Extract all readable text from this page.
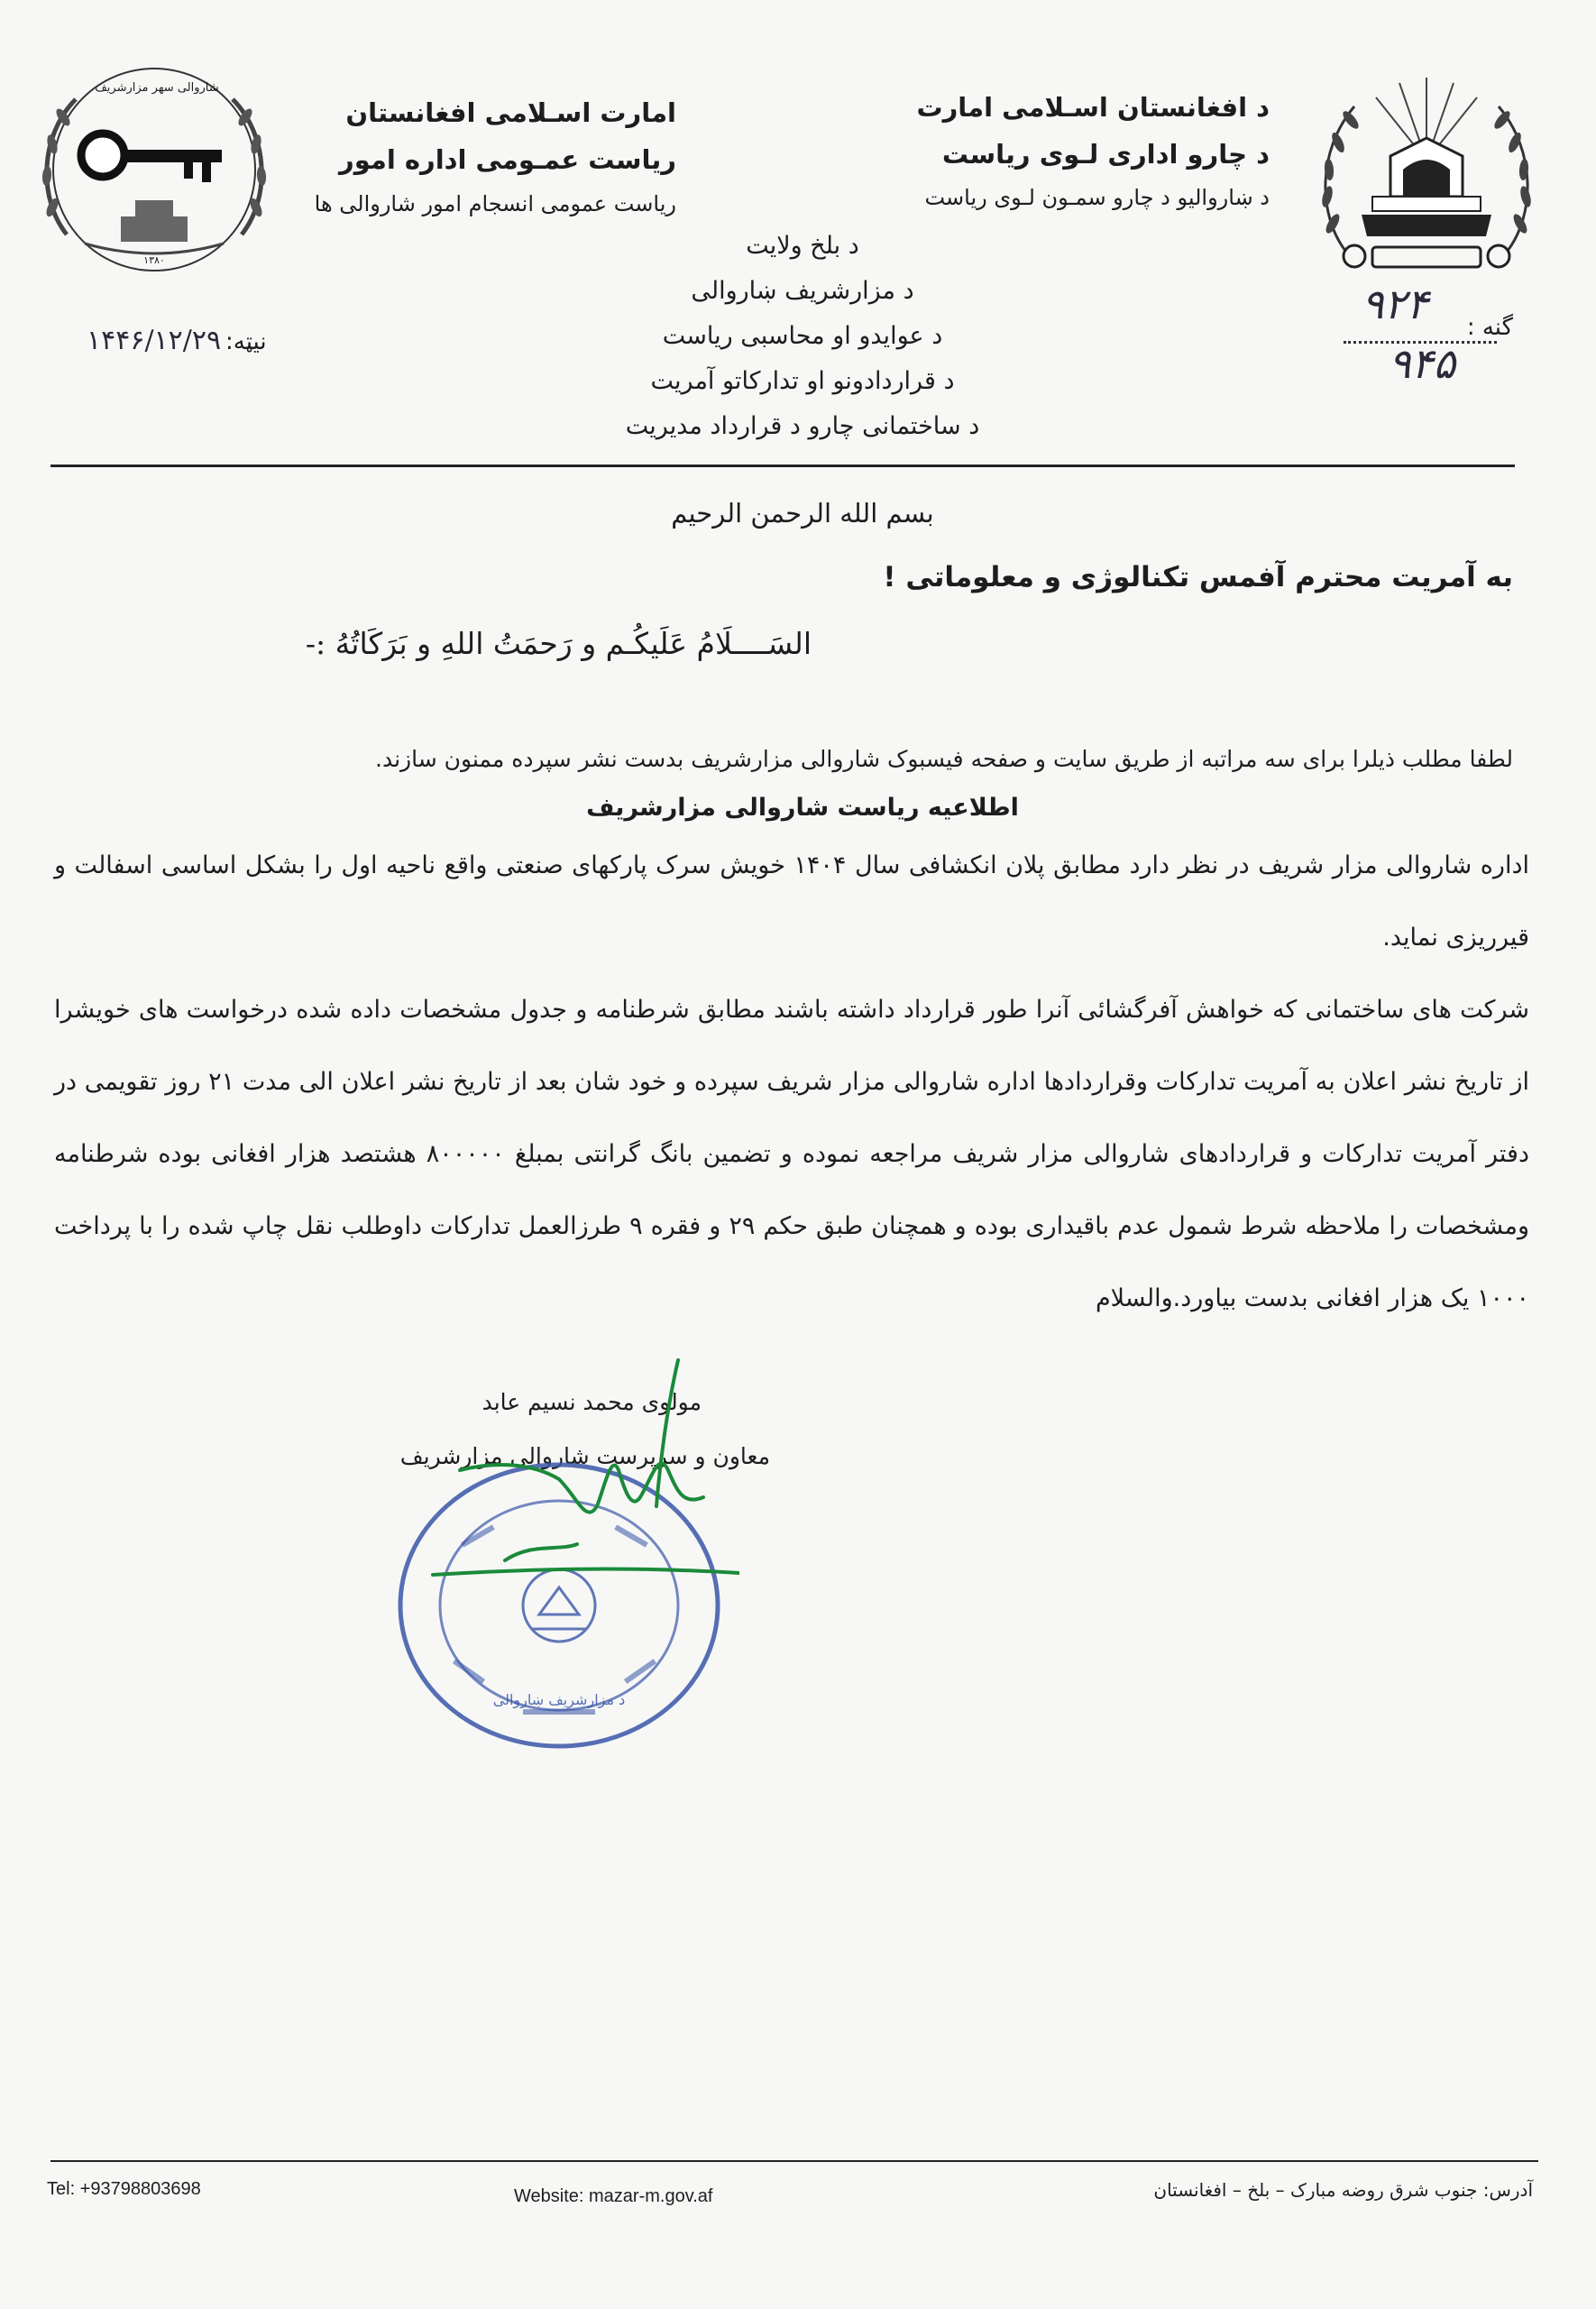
شاروالی سهر مزارشریف
۱۳۸۰
د افغانستان اسـلامی امارت
د چارو اداری لـوی ریاست
د ښاروالیو د چارو سمـون لـوی ریاست
امارت اسـلامی افغانستان
ریاست عمـومی اداره امور
ریاست عمومی انسجام امور شاروالی ها
د بلخ ولایت
د مزارشریف ښاروالی
د عوایدو او محاسبی ریاست
د قراردادونو او تدارکاتو آمریت
د ساختمانی چارو د قرارداد مدیریت
گنه :
۹۲۴
۹۴۵
نیټه:
۱۴۴۶/۱۲/۲۹
بسم الله الرحمن الرحیم
به آمریت محترم آفمس تکنالوژی و معلوماتی !
السَــــلَامُ عَلَیکُـم و رَحمَتُ اللهِ و بَرَکَاتُهُ :-
لطفا مطلب ذیلرا برای سه مراتبه از طریق سایت و صفحه فیسبوک شاروالی مزارشریف بدست نشر سپرده ممنون سازند.
اطلاعیه ریاست شاروالی مزارشریف

اداره شاروالی مزار شریف در نظر دارد مطابق پلان انکشافی سال ۱۴۰۴ خویش سرک پارکهای صنعتی واقع ناحیه اول را بشکل اساسی اسفالت و قیرریزی نماید.

شرکت های ساختمانی که خواهش آفرگشائی آنرا طور قرارداد داشته باشند مطابق شرطنامه و جدول مشخصات داده شده درخواست های خویشرا از تاریخ نشر اعلان به آمریت تدارکات وقراردادها اداره شاروالی مزار شریف سپرده و خود شان بعد از تاریخ نشر اعلان الی مدت ۲۱ روز تقویمی در دفتر آمریت تدارکات و قراردادهای شاروالی مزار شریف مراجعه نموده و تضمین بانگ گرانتی بمبلغ ۸۰۰۰۰۰ هشتصد هزار افغانی بوده شرطنامه ومشخصات را ملاحظه شرط شمول عدم باقیداری بوده و همچنان طبق حکم ۲۹ و فقره ۹ طرزالعمل تدارکات داوطلب نقل چاپ شده را با پرداخت ۱۰۰۰ یک هزار افغانی بدست بیاورد.والسلام

مولوی محمد نسیم عابد
معاون و سرپرست شاروالی مزارشریف
د مزارشریف ښاروالی
Tel: +93798803698	Website: mazar-m.gov.af	آدرس: جنوب شرق روضه مبارک – بلخ – افغانستان
